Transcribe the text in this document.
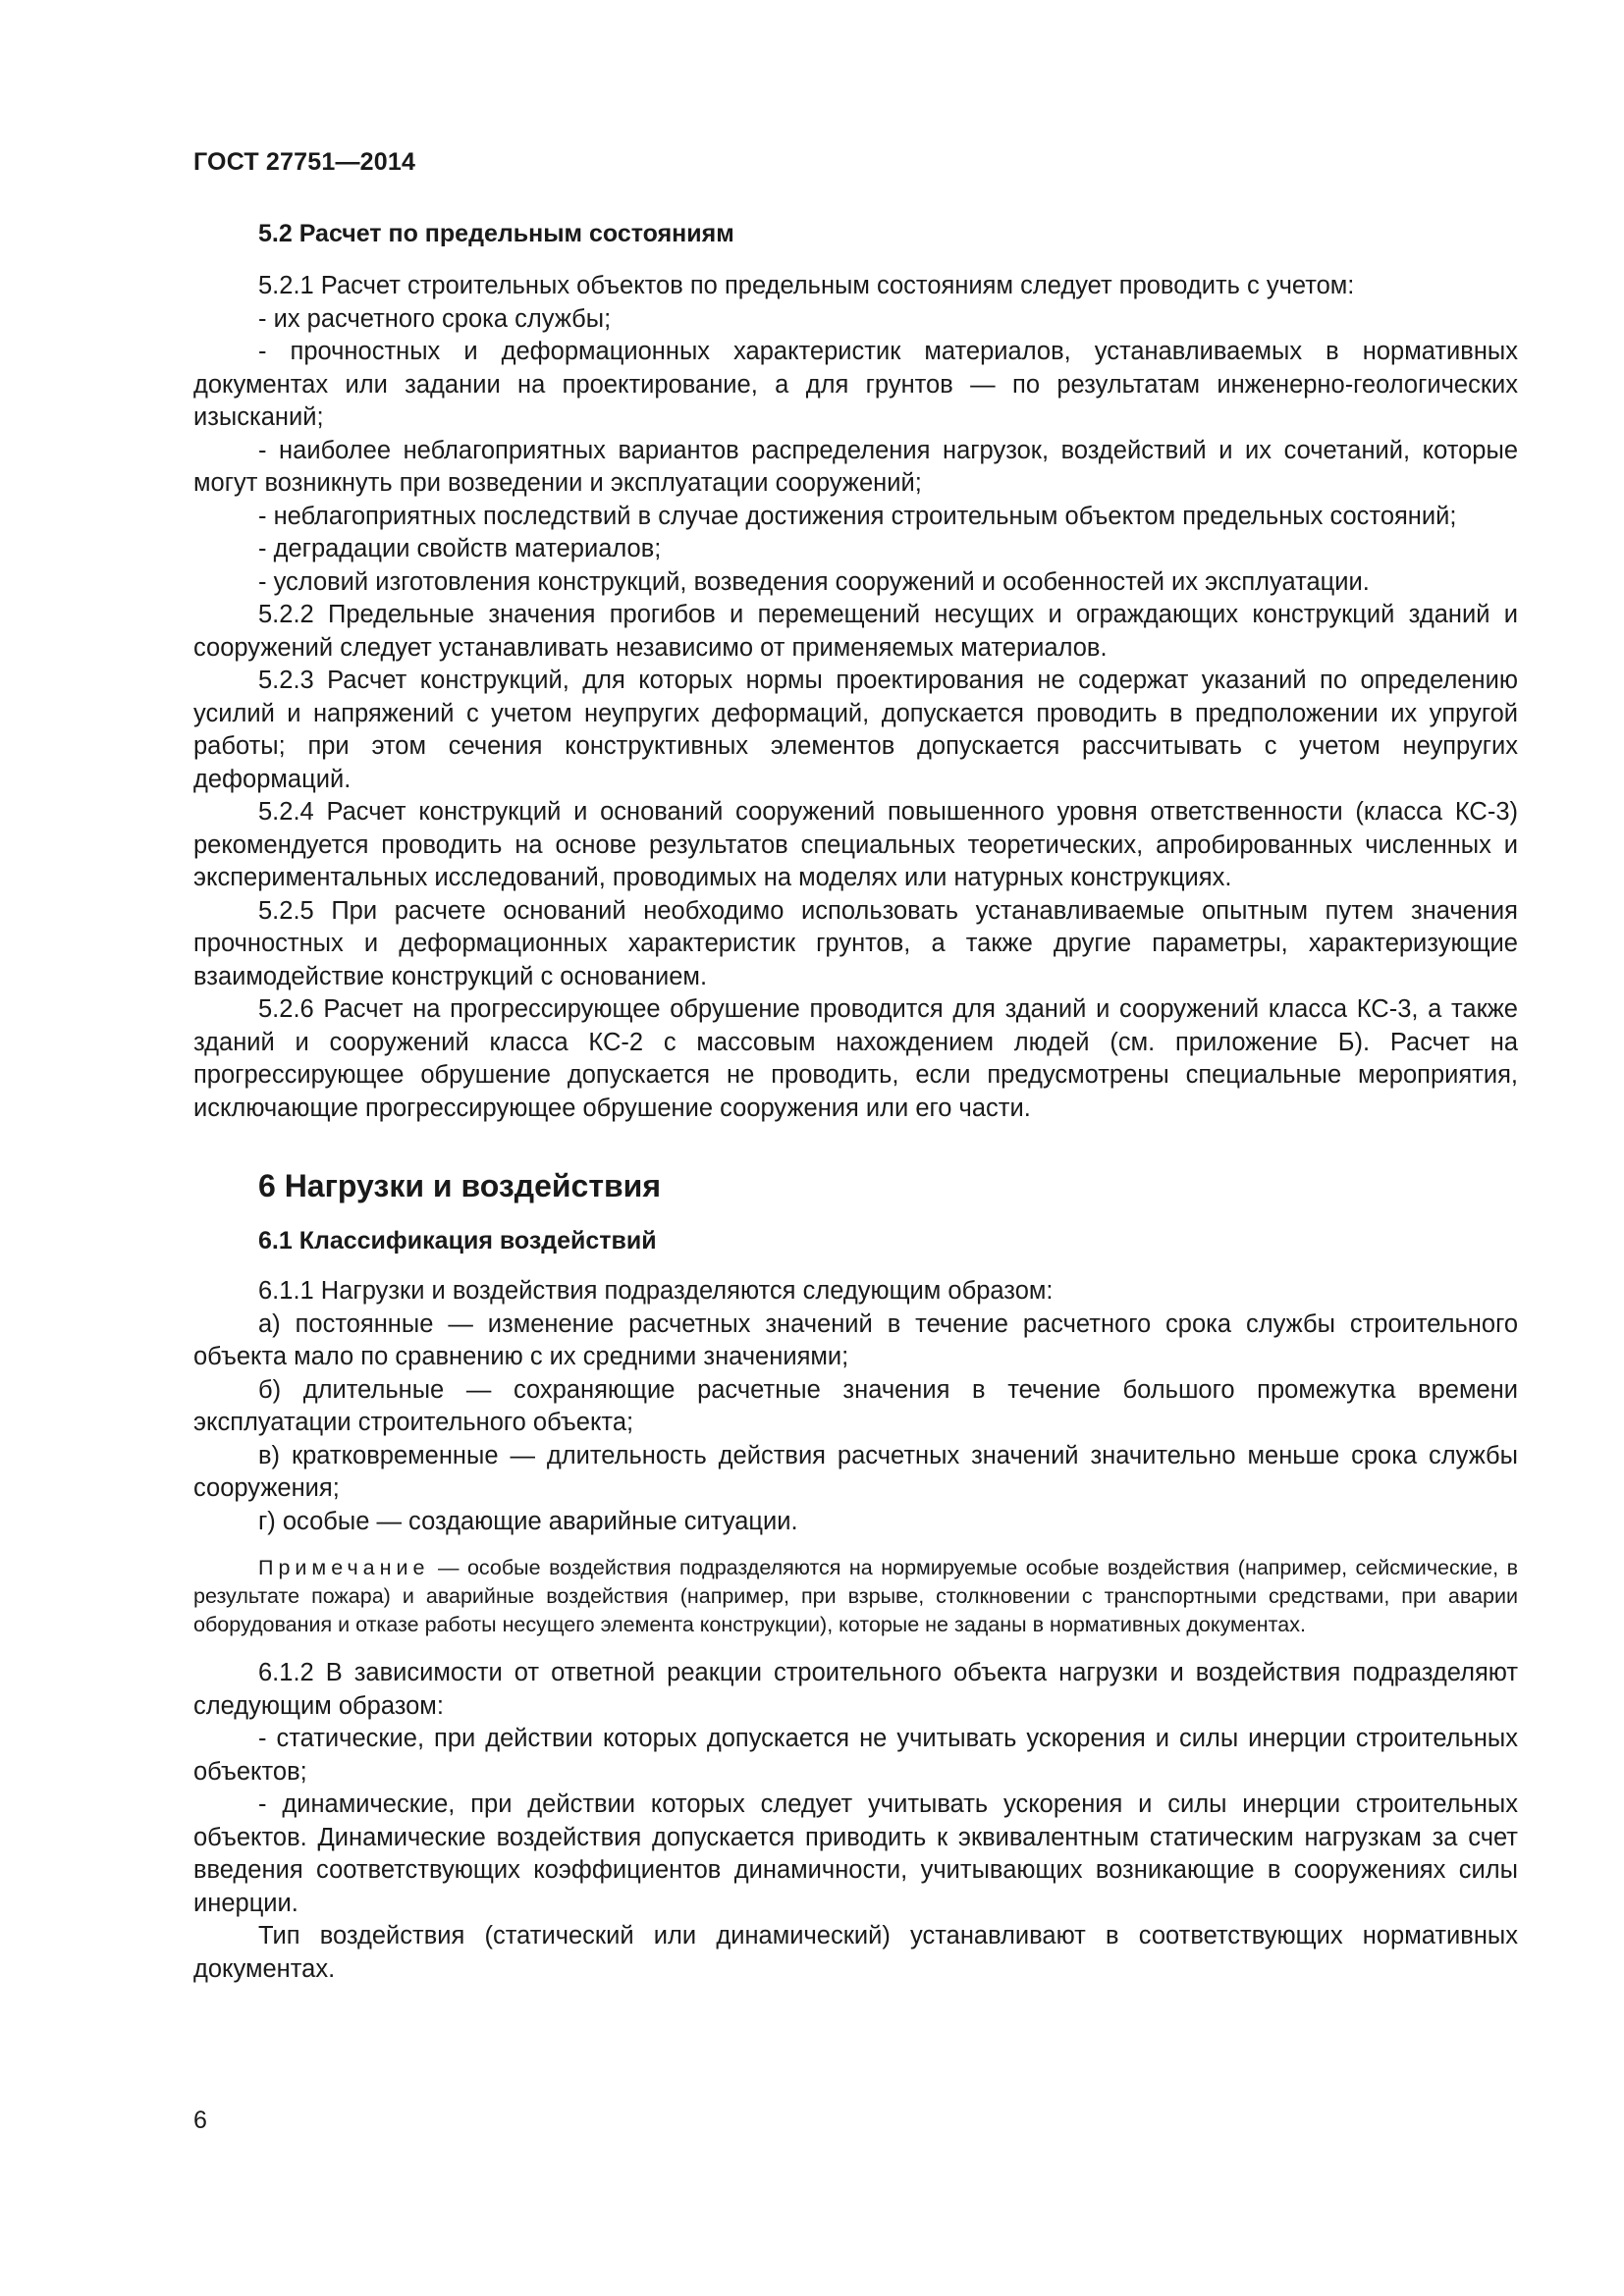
ГОСТ 27751—2014
5.2 Расчет по предельным состояниям

5.2.1 Расчет строительных объектов по предельным состояниям следует проводить с учетом:

- их расчетного срока службы;

- прочностных и деформационных характеристик материалов, устанавливаемых в нормативных документах или задании на проектирование, а для грунтов — по результатам инженерно-геологических изысканий;

- наиболее неблагоприятных вариантов распределения нагрузок, воздействий и их сочетаний, которые могут возникнуть при возведении и эксплуатации сооружений;

- неблагоприятных последствий в случае достижения строительным объектом предельных состояний;

- деградации свойств материалов;

- условий изготовления конструкций, возведения сооружений и особенностей их эксплуатации.

5.2.2 Предельные значения прогибов и перемещений несущих и ограждающих конструкций зданий и сооружений следует устанавливать независимо от применяемых материалов.

5.2.3 Расчет конструкций, для которых нормы проектирования не содержат указаний по определению усилий и напряжений с учетом неупругих деформаций, допускается проводить в предположении их упругой работы; при этом сечения конструктивных элементов допускается рассчитывать с учетом неупругих деформаций.

5.2.4 Расчет конструкций и оснований сооружений повышенного уровня ответственности (класса КС-3) рекомендуется проводить на основе результатов специальных теоретических, апробированных численных и экспериментальных исследований, проводимых на моделях или натурных конструкциях.

5.2.5 При расчете оснований необходимо использовать устанавливаемые опытным путем значения прочностных и деформационных характеристик грунтов, а также другие параметры, характеризующие взаимодействие конструкций с основанием.

5.2.6 Расчет на прогрессирующее обрушение проводится для зданий и сооружений класса КС-3, а также зданий и сооружений класса КС-2 с массовым нахождением людей (см. приложение Б). Расчет на прогрессирующее обрушение допускается не проводить, если предусмотрены специальные мероприятия, исключающие прогрессирующее обрушение сооружения или его части.

6 Нагрузки и воздействия
6.1 Классификация воздействий

6.1.1 Нагрузки и воздействия подразделяются следующим образом:

а) постоянные — изменение расчетных значений в течение расчетного срока службы строительного объекта мало по сравнению с их средними значениями;

б) длительные — сохраняющие расчетные значения в течение большого промежутка времени эксплуатации строительного объекта;

в) кратковременные — длительность действия расчетных значений значительно меньше срока службы сооружения;

г) особые — создающие аварийные ситуации.

Примечание — особые воздействия подразделяются на нормируемые особые воздействия (например, сейсмические, в результате пожара) и аварийные воздействия (например, при взрыве, столкновении с транспортными средствами, при аварии оборудования и отказе работы несущего элемента конструкции), которые не заданы в нормативных документах.

6.1.2 В зависимости от ответной реакции строительного объекта нагрузки и воздействия подразделяют следующим образом:

- статические, при действии которых допускается не учитывать ускорения и силы инерции строительных объектов;

- динамические, при действии которых следует учитывать ускорения и силы инерции строительных объектов. Динамические воздействия допускается приводить к эквивалентным статическим нагрузкам за счет введения соответствующих коэффициентов динамичности, учитывающих возникающие в сооружениях силы инерции.

Тип воздействия (статический или динамический) устанавливают в соответствующих нормативных документах.

6
